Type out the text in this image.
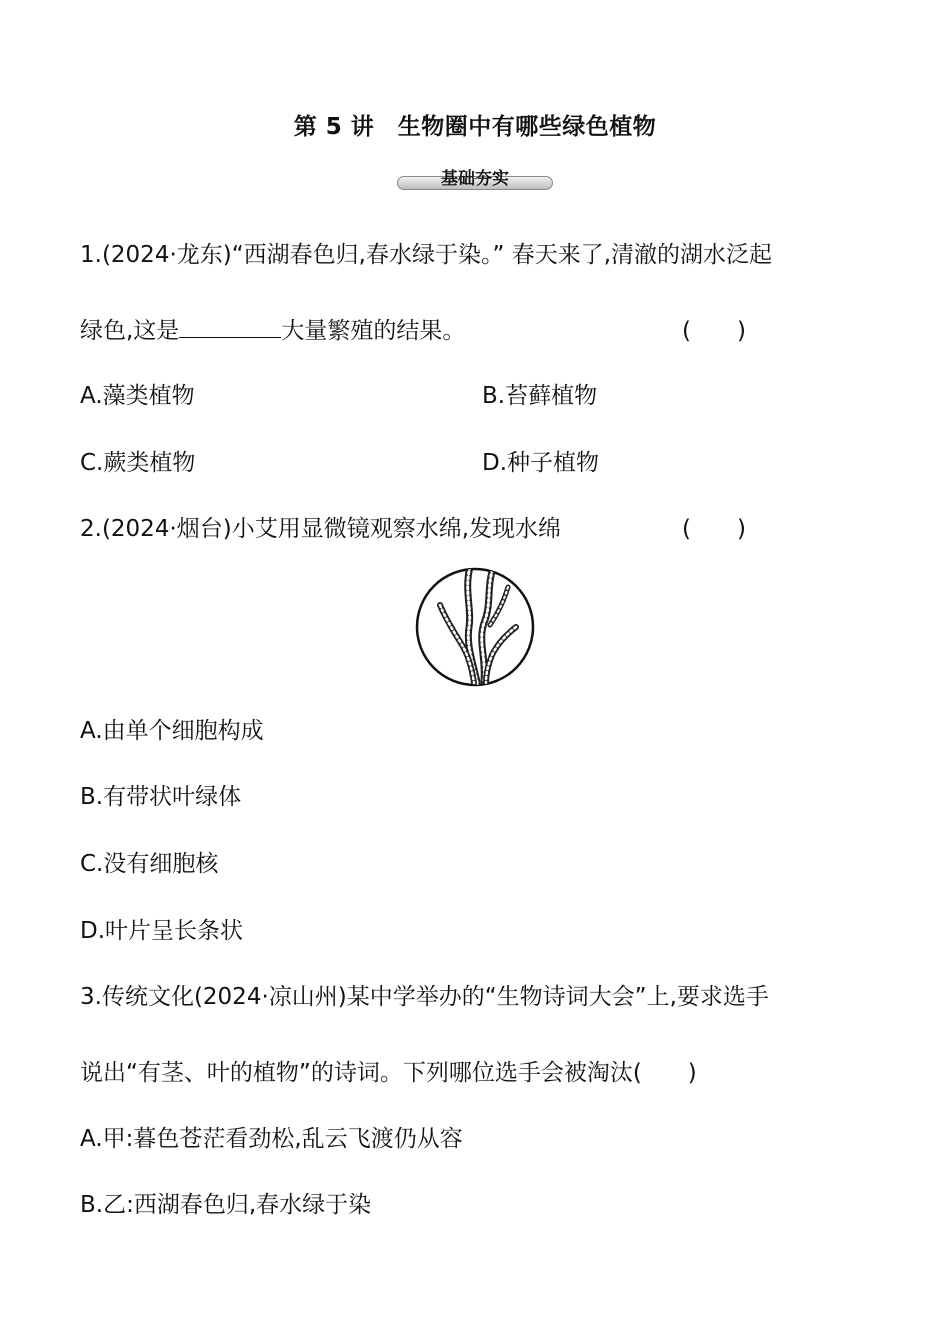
第 5 讲　生物圈中有哪些绿色植物
基础夯实
1.(2024·龙东)“西湖春色归,春水绿于染。” 春天来了,清澈的湖水泛起
绿色,这是	大量繁殖的结果。	(　　)
A.藻类植物	B.苔藓植物
C.蕨类植物	D.种子植物
2.(2024·烟台)小艾用显微镜观察水绵,发现水绵	(　　)
A.由单个细胞构成
B.有带状叶绿体
C.没有细胞核
D.叶片呈长条状
3.传统文化(2024·凉山州)某中学举办的“生物诗词大会”上,要求选手
说出“有茎、叶的植物”的诗词。下列哪位选手会被淘汰(　　)
A.甲:暮色苍茫看劲松,乱云飞渡仍从容
B.乙:西湖春色归,春水绿于染
